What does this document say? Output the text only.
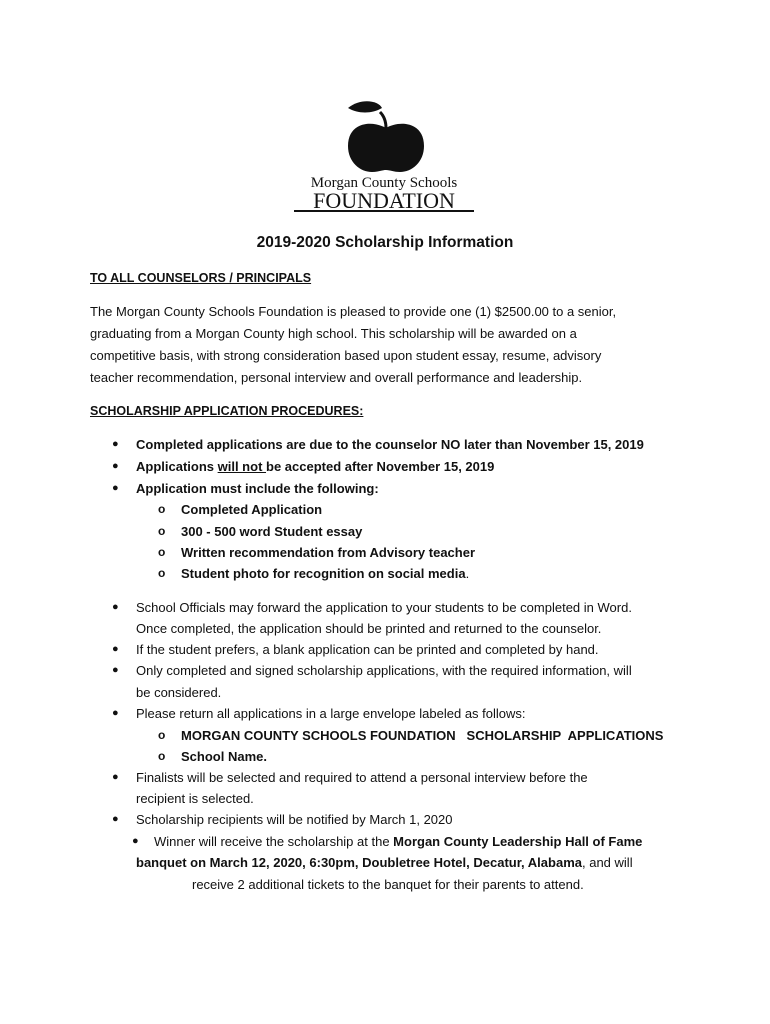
Morgan County Schools
FOUNDATION
2019-2020 Scholarship Information
TO ALL COUNSELORS / PRINCIPALS
The Morgan County Schools Foundation is pleased to provide one (1) $2500.00 to a senior,
graduating from a Morgan County high school. This scholarship will be awarded on a
competitive basis, with strong consideration based upon student essay, resume, advisory
teacher recommendation, personal interview and overall performance and leadership.
SCHOLARSHIP APPLICATION PROCEDURES:
● Completed applications are due to the counselor NO later than November 15, 2019
● Applications will not be accepted after November 15, 2019
● Application must include the following:
o Completed Application
o 300 - 500 word Student essay
o Written recommendation from Advisory teacher
o Student photo for recognition on social media.
● School Officials may forward the application to your students to be completed in Word.
Once completed, the application should be printed and returned to the counselor.
● If the student prefers, a blank application can be printed and completed by hand.
● Only completed and signed scholarship applications, with the required information, will
be considered.
● Please return all applications in a large envelope labeled as follows:
o MORGAN COUNTY SCHOOLS FOUNDATION   SCHOLARSHIP  APPLICATIONS
o School Name.
● Finalists will be selected and required to attend a personal interview before the
recipient is selected.
● Scholarship recipients will be notified by March 1, 2020
● Winner will receive the scholarship at the Morgan County Leadership Hall of Fame
banquet on March 12, 2020, 6:30pm, Doubletree Hotel, Decatur, Alabama, and will
receive 2 additional tickets to the banquet for their parents to attend.
